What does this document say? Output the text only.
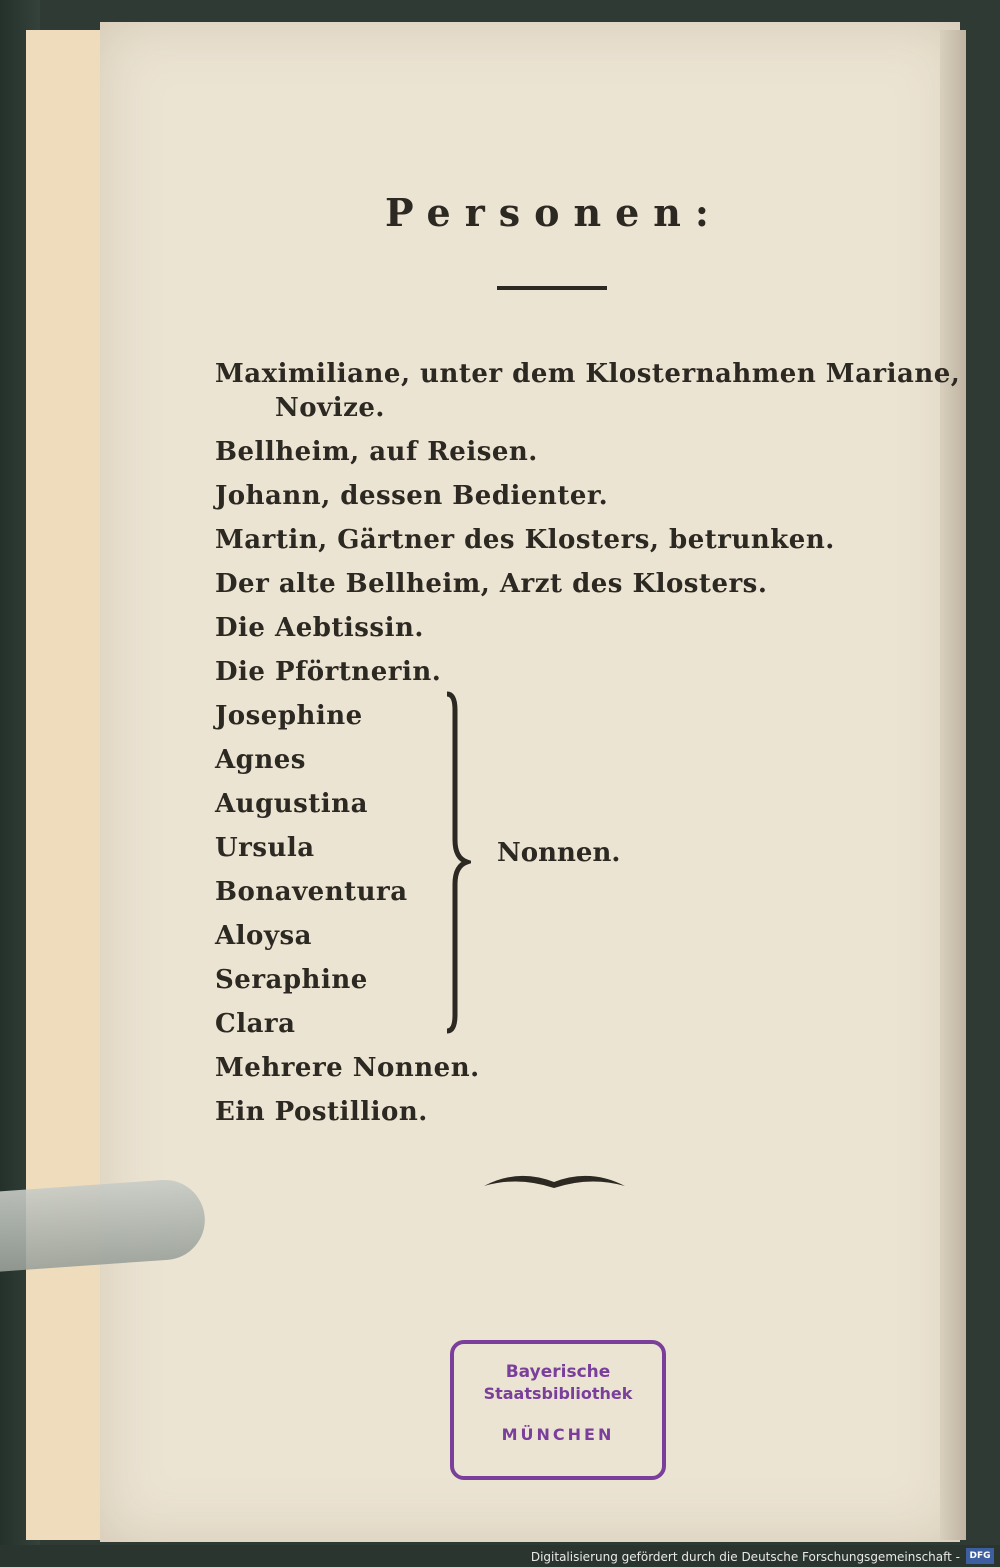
Personen:
Maximiliane, unter dem Klosternahmen Mariane,
Novize.
Bellheim, auf Reisen.
Johann, dessen Bedienter.
Martin, Gärtner des Klosters, betrunken.
Der alte Bellheim, Arzt des Klosters.
Die Aebtissin.
Die Pförtnerin.
Josephine
Agnes
Augustina
Ursula
Bonaventura
Aloysa
Seraphine
Clara
Mehrere Nonnen.
Ein Postillion.
Nonnen.
Bayerische
Staatsbibliothek
MÜNCHEN
Digitalisierung gefördert durch die Deutsche Forschungsgemeinschaft -	DFG
